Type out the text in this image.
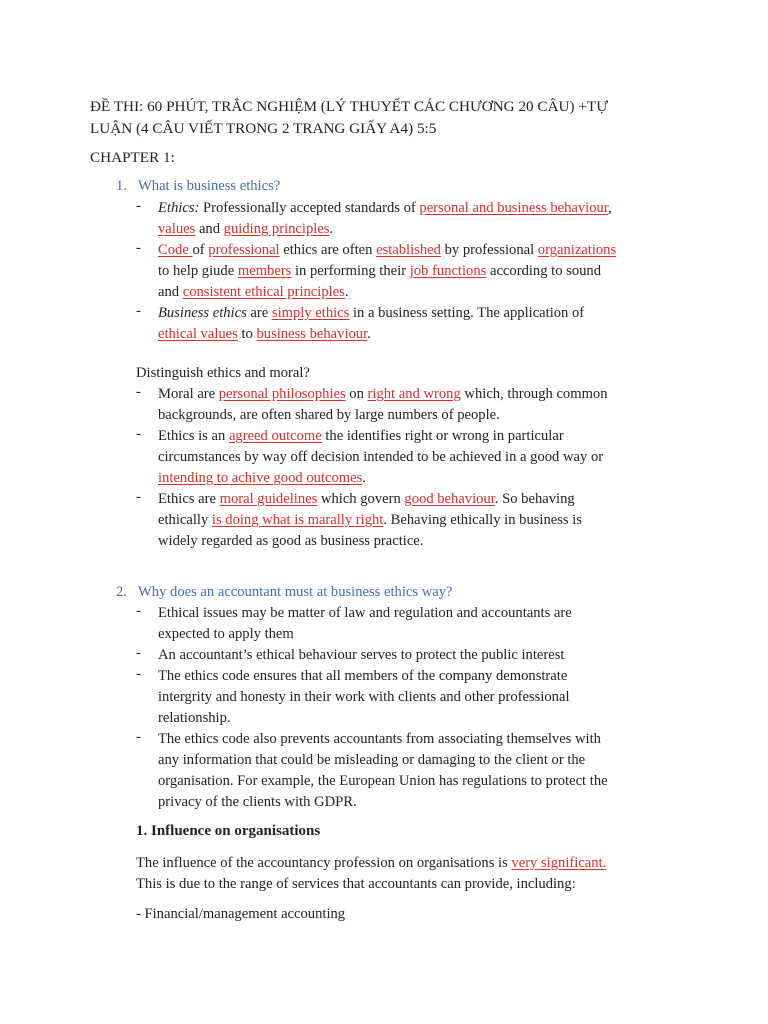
ĐỀ THI: 60 PHÚT, TRẮC NGHIỆM (LÝ THUYẾT CÁC CHƯƠNG 20 CÂU) +TỰ
LUẬN (4 CÂU VIẾT TRONG 2 TRANG GIẤY A4) 5:5
CHAPTER 1:
1. What is business ethics?
- Ethics: Professionally accepted standards of personal and business behaviour,
values and guiding principles.
- Code of professional ethics are often established by professional organizations
to help giude members in performing their job functions according to sound
and consistent ethical principles.
- Business ethics are simply ethics in a business setting. The application of
ethical values to business behaviour.
Distinguish ethics and moral?
- Moral are personal philosophies on right and wrong which, through common
backgrounds, are often shared by large numbers of people.
- Ethics is an agreed outcome the identifies right or wrong in particular
circumstances by way off decision intended to be achieved in a good way or
intending to achive good outcomes.
- Ethics are moral guidelines which govern good behaviour. So behaving
ethically is doing what is marally right. Behaving ethically in business is
widely regarded as good as business practice.
2. Why does an accountant must at business ethics way?
- Ethical issues may be matter of law and regulation and accountants are
expected to apply them
- An accountant’s ethical behaviour serves to protect the public interest
- The ethics code ensures that all members of the company demonstrate
intergrity and honesty in their work with clients and other professional
relationship.
- The ethics code also prevents accountants from associating themselves with
any information that could be misleading or damaging to the client or the
organisation. For example, the European Union has regulations to protect the
privacy of the clients with GDPR.
1. Influence on organisations
The influence of the accountancy profession on organisations is very significant.
This is due to the range of services that accountants can provide, including:
- Financial/management accounting
